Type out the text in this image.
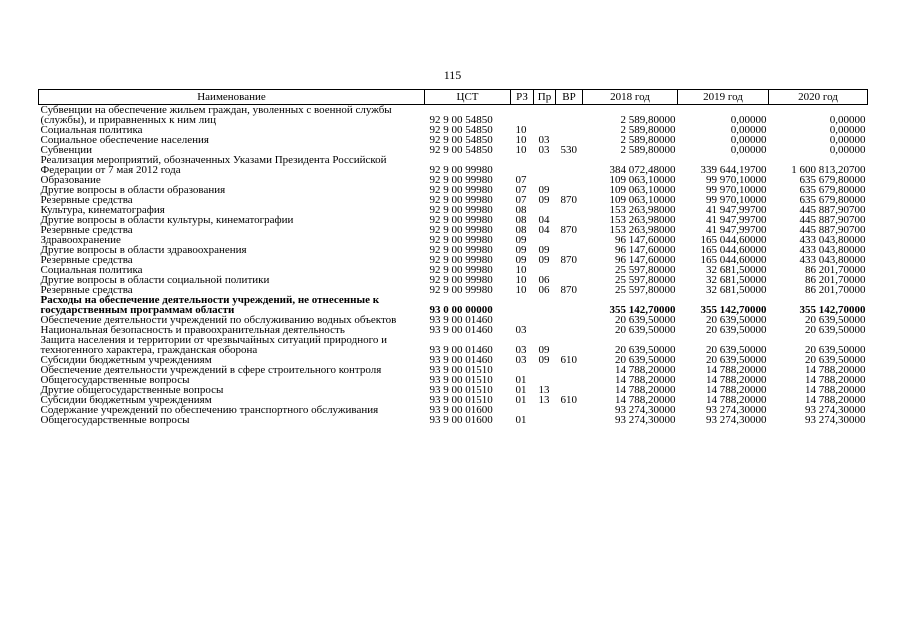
115
Наименование	ЦСТ	РЗ	Пр	ВР	2018 год	2019 год	2020 год
Субвенции на обеспечение жильем граждан, уволенных с военной службы (службы), и приравненных к ним лиц	92 9 00 54850				2 589,80000	0,00000	0,00000
Социальная политика	92 9 00 54850	10			2 589,80000	0,00000	0,00000
Социальное обеспечение населения	92 9 00 54850	10	03		2 589,80000	0,00000	0,00000
Субвенции	92 9 00 54850	10	03	530	2 589,80000	0,00000	0,00000
Реализация мероприятий, обозначенных Указами Президента Российской Федерации от 7 мая 2012 года	92 9 00 99980				384 072,48000	339 644,19700	1 600 813,20700
Образование	92 9 00 99980	07			109 063,10000	99 970,10000	635 679,80000
Другие вопросы в области образования	92 9 00 99980	07	09		109 063,10000	99 970,10000	635 679,80000
Резервные средства	92 9 00 99980	07	09	870	109 063,10000	99 970,10000	635 679,80000
Культура, кинематография	92 9 00 99980	08			153 263,98000	41 947,99700	445 887,90700
Другие вопросы в области культуры, кинематографии	92 9 00 99980	08	04		153 263,98000	41 947,99700	445 887,90700
Резервные средства	92 9 00 99980	08	04	870	153 263,98000	41 947,99700	445 887,90700
Здравоохранение	92 9 00 99980	09			96 147,60000	165 044,60000	433 043,80000
Другие вопросы в области здравоохранения	92 9 00 99980	09	09		96 147,60000	165 044,60000	433 043,80000
Резервные средства	92 9 00 99980	09	09	870	96 147,60000	165 044,60000	433 043,80000
Социальная политика	92 9 00 99980	10			25 597,80000	32 681,50000	86 201,70000
Другие вопросы в области социальной политики	92 9 00 99980	10	06		25 597,80000	32 681,50000	86 201,70000
Резервные средства	92 9 00 99980	10	06	870	25 597,80000	32 681,50000	86 201,70000
Расходы на обеспечение деятельности учреждений, не отнесенные к государственным программам области	93 0 00 00000				355 142,70000	355 142,70000	355 142,70000
Обеспечение деятельности учреждений по обслуживанию водных объектов	93 9 00 01460				20 639,50000	20 639,50000	20 639,50000
Национальная безопасность и правоохранительная деятельность	93 9 00 01460	03			20 639,50000	20 639,50000	20 639,50000
Защита населения и территории от чрезвычайных ситуаций природного и техногенного характера, гражданская оборона	93 9 00 01460	03	09		20 639,50000	20 639,50000	20 639,50000
Субсидии бюджетным учреждениям	93 9 00 01460	03	09	610	20 639,50000	20 639,50000	20 639,50000
Обеспечение деятельности учреждений в сфере строительного контроля	93 9 00 01510				14 788,20000	14 788,20000	14 788,20000
Общегосударственные вопросы	93 9 00 01510	01			14 788,20000	14 788,20000	14 788,20000
Другие общегосударственные вопросы	93 9 00 01510	01	13		14 788,20000	14 788,20000	14 788,20000
Субсидии бюджетным учреждениям	93 9 00 01510	01	13	610	14 788,20000	14 788,20000	14 788,20000
Содержание учреждений по обеспечению транспортного обслуживания	93 9 00 01600				93 274,30000	93 274,30000	93 274,30000
Общегосударственные вопросы	93 9 00 01600	01			93 274,30000	93 274,30000	93 274,30000
